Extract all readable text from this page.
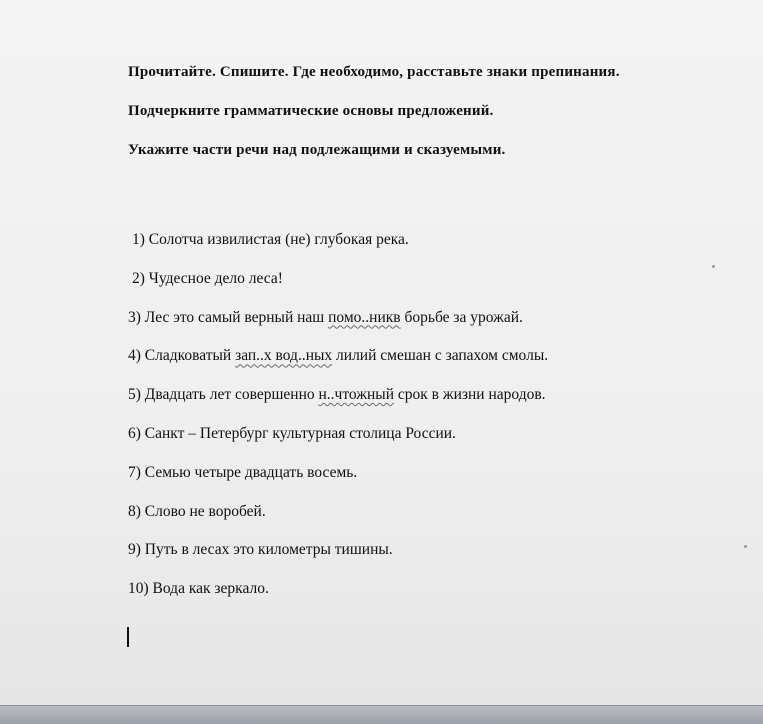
Прочитайте. Спишите. Где необходимо, расставьте знаки препинания.
Подчеркните грамматические основы предложений.
Укажите части речи над подлежащими и сказуемыми.
1) Солотча извилистая (не) глубокая река.
2) Чудесное дело леса!
3) Лес это самый верный наш помо..никв борьбе за урожай.
4) Сладковатый зап..х вод..ных лилий смешан с запахом смолы.
5) Двадцать лет совершенно н..чтожный срок в жизни народов.
6) Санкт – Петербург культурная столица России.
7) Семью четыре двадцать восемь.
8) Слово не воробей.
9) Путь в лесах это километры тишины.
10) Вода как зеркало.
